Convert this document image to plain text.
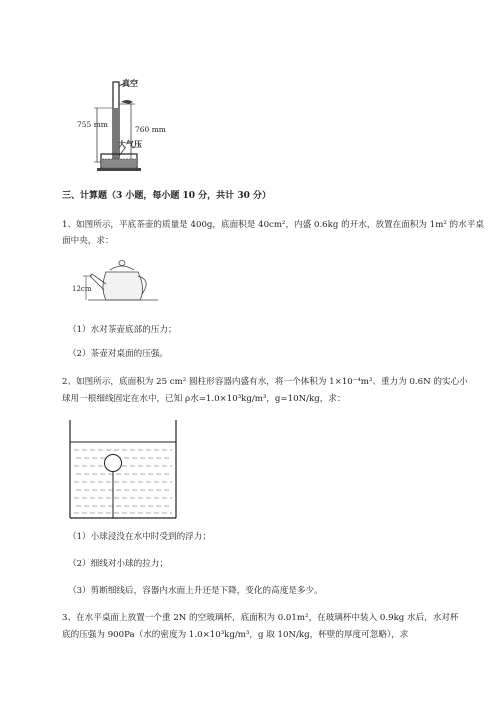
真空
755 mm
760 mm
大气压
三、计算题（3 小题，每小题 10 分，共计 30 分）
1、如图所示，平底茶壶的质量是 400g，底面积是 40cm²，内盛 0.6kg 的开水，放置在面积为 1m² 的水平桌
面中央，求：
12cm
（1）水对茶壶底部的压力；
（2）茶壶对桌面的压强。
2、如图所示，底面积为 25 cm² 圆柱形容器内盛有水，将一个体积为 1×10⁻⁴m³、重力为 0.6N 的实心小
球用一根细线固定在水中，已知 ρ水=1.0×10³kg/m³，g=10N/kg，求：
（1）小球浸没在水中时受到的浮力；
（2）细线对小球的拉力；
（3）剪断细线后，容器内水面上升还是下降，变化的高度是多少。
3、在水平桌面上放置一个重 2N 的空玻璃杯，底面积为 0.01m²，在玻璃杯中装入 0.9kg 水后，水对杯
底的压强为 900Pa（水的密度为 1.0×10³kg/m³，g 取 10N/kg，杯壁的厚度可忽略），求
